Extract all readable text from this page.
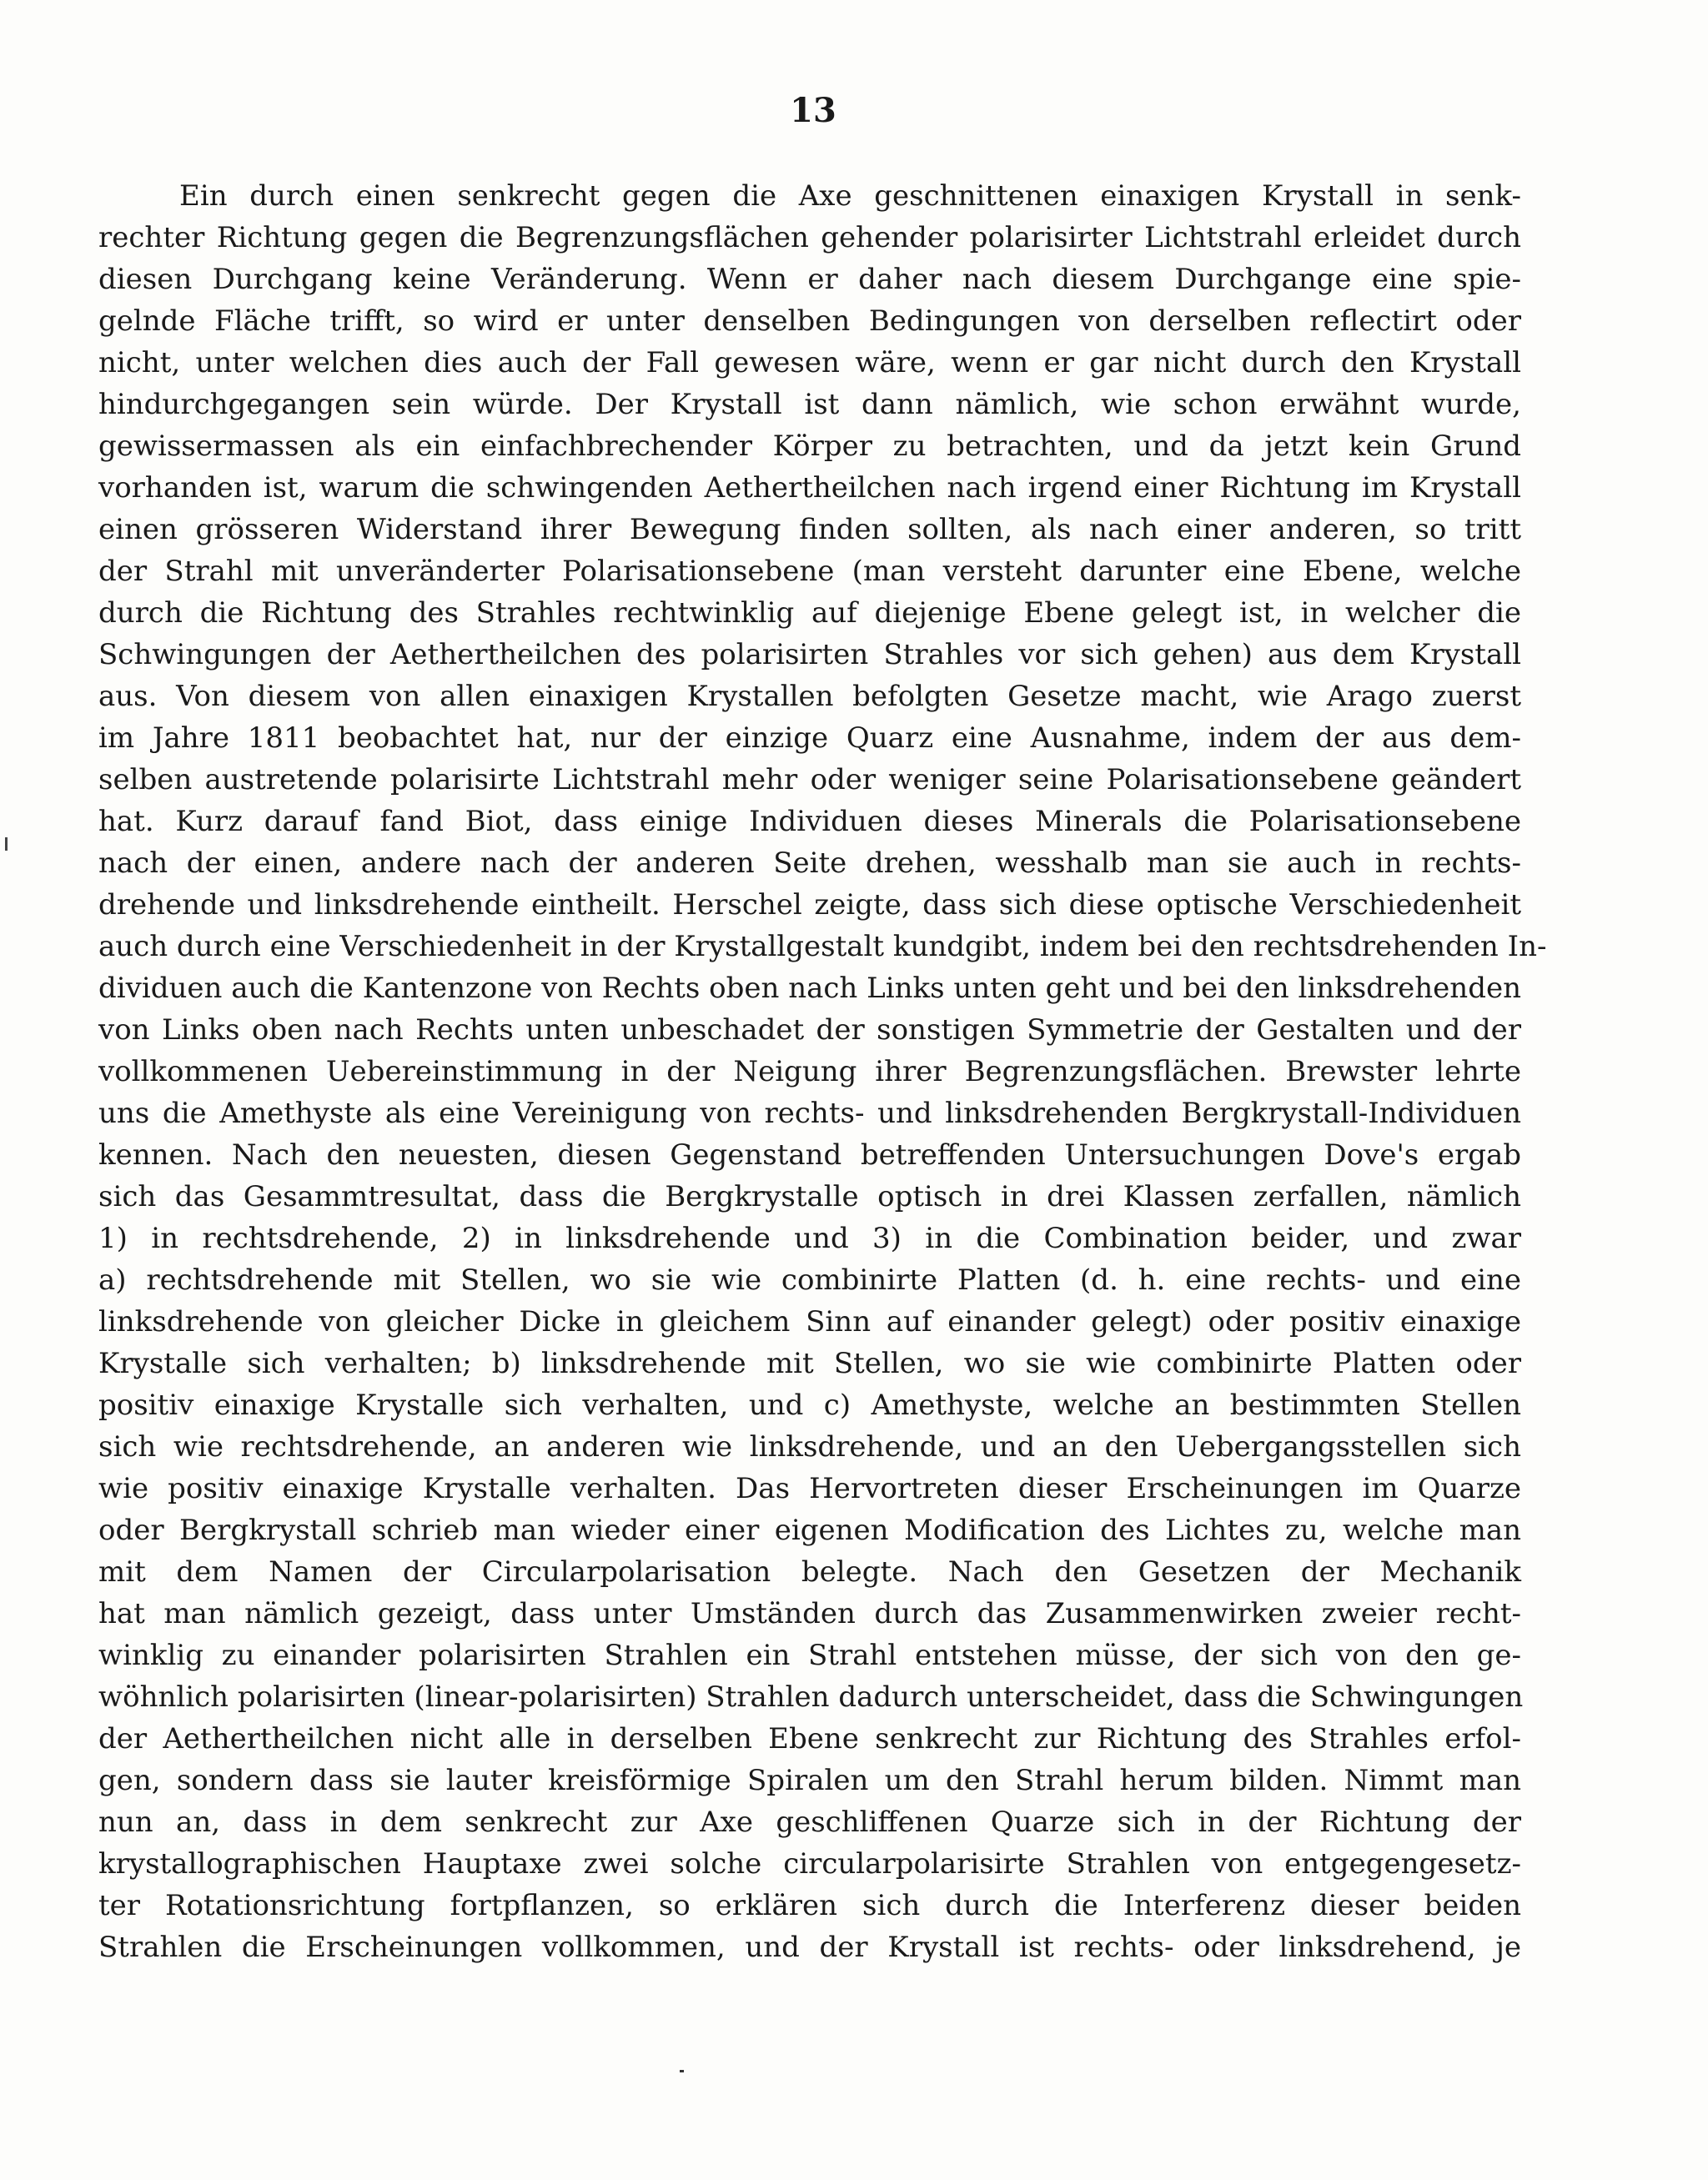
13
Ein durch einen senkrecht gegen die Axe geschnittenen einaxigen Krystall in senk-
rechter Richtung gegen die Begrenzungsflächen gehender polarisirter Lichtstrahl erleidet durch
diesen Durchgang keine Veränderung. Wenn er daher nach diesem Durchgange eine spie-
gelnde Fläche trifft, so wird er unter denselben Bedingungen von derselben reflectirt oder
nicht, unter welchen dies auch der Fall gewesen wäre, wenn er gar nicht durch den Krystall
hindurchgegangen sein würde. Der Krystall ist dann nämlich, wie schon erwähnt wurde,
gewissermassen als ein einfachbrechender Körper zu betrachten, und da jetzt kein Grund
vorhanden ist, warum die schwingenden Aethertheilchen nach irgend einer Richtung im Krystall
einen grösseren Widerstand ihrer Bewegung finden sollten, als nach einer anderen, so tritt
der Strahl mit unveränderter Polarisationsebene (man versteht darunter eine Ebene, welche
durch die Richtung des Strahles rechtwinklig auf diejenige Ebene gelegt ist, in welcher die
Schwingungen der Aethertheilchen des polarisirten Strahles vor sich gehen) aus dem Krystall
aus. Von diesem von allen einaxigen Krystallen befolgten Gesetze macht, wie Arago zuerst
im Jahre 1811 beobachtet hat, nur der einzige Quarz eine Ausnahme, indem der aus dem-
selben austretende polarisirte Lichtstrahl mehr oder weniger seine Polarisationsebene geändert
hat. Kurz darauf fand Biot, dass einige Individuen dieses Minerals die Polarisationsebene
nach der einen, andere nach der anderen Seite drehen, wesshalb man sie auch in rechts-
drehende und linksdrehende eintheilt. Herschel zeigte, dass sich diese optische Verschiedenheit
auch durch eine Verschiedenheit in der Krystallgestalt kundgibt, indem bei den rechtsdrehenden In-
dividuen auch die Kantenzone von Rechts oben nach Links unten geht und bei den linksdrehenden
von Links oben nach Rechts unten unbeschadet der sonstigen Symmetrie der Gestalten und der
vollkommenen Uebereinstimmung in der Neigung ihrer Begrenzungsflächen. Brewster lehrte
uns die Amethyste als eine Vereinigung von rechts- und linksdrehenden Bergkrystall-Individuen
kennen. Nach den neuesten, diesen Gegenstand betreffenden Untersuchungen Dove's ergab
sich das Gesammtresultat, dass die Bergkrystalle optisch in drei Klassen zerfallen, nämlich
1) in rechtsdrehende, 2) in linksdrehende und 3) in die Combination beider, und zwar
a) rechtsdrehende mit Stellen, wo sie wie combinirte Platten (d. h. eine rechts- und eine
linksdrehende von gleicher Dicke in gleichem Sinn auf einander gelegt) oder positiv einaxige
Krystalle sich verhalten; b) linksdrehende mit Stellen, wo sie wie combinirte Platten oder
positiv einaxige Krystalle sich verhalten, und c) Amethyste, welche an bestimmten Stellen
sich wie rechtsdrehende, an anderen wie linksdrehende, und an den Uebergangsstellen sich
wie positiv einaxige Krystalle verhalten. Das Hervortreten dieser Erscheinungen im Quarze
oder Bergkrystall schrieb man wieder einer eigenen Modification des Lichtes zu, welche man
mit dem Namen der Circularpolarisation belegte. Nach den Gesetzen der Mechanik
hat man nämlich gezeigt, dass unter Umständen durch das Zusammenwirken zweier recht-
winklig zu einander polarisirten Strahlen ein Strahl entstehen müsse, der sich von den ge-
wöhnlich polarisirten (linear-polarisirten) Strahlen dadurch unterscheidet, dass die Schwingungen
der Aethertheilchen nicht alle in derselben Ebene senkrecht zur Richtung des Strahles erfol-
gen, sondern dass sie lauter kreisförmige Spiralen um den Strahl herum bilden. Nimmt man
nun an, dass in dem senkrecht zur Axe geschliffenen Quarze sich in der Richtung der
krystallographischen Hauptaxe zwei solche circularpolarisirte Strahlen von entgegengesetz-
ter Rotationsrichtung fortpflanzen, so erklären sich durch die Interferenz dieser beiden
Strahlen die Erscheinungen vollkommen, und der Krystall ist rechts- oder linksdrehend, je
